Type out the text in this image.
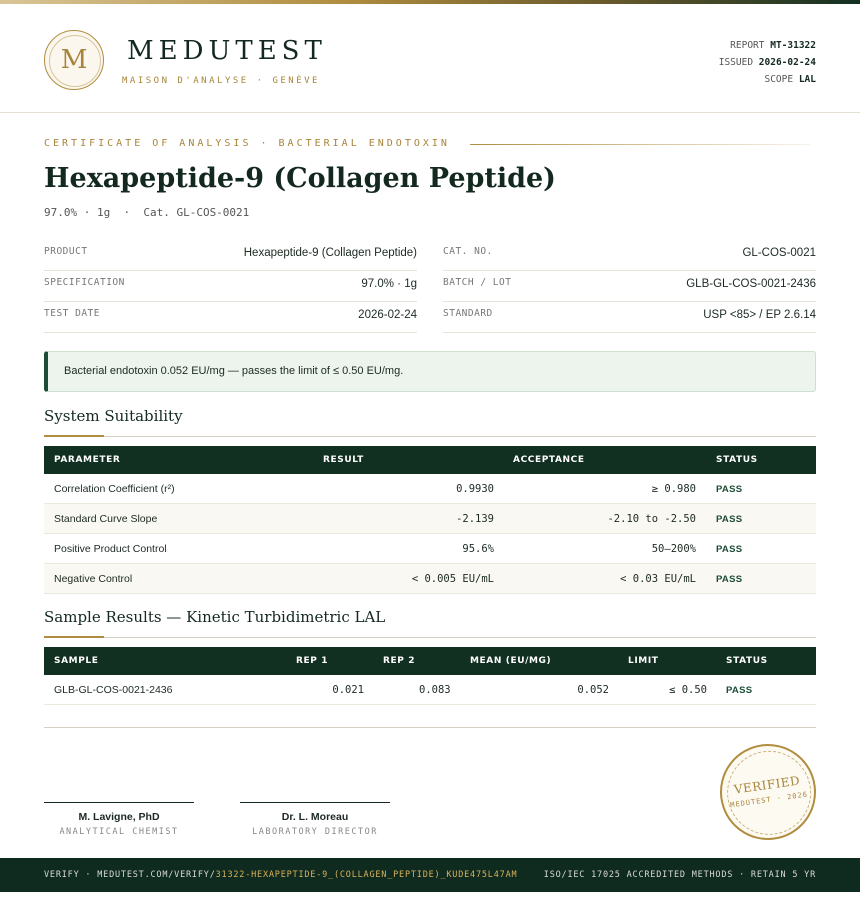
M	MEDUTEST
MAISON D'ANALYSE · GENÈVE
REPORT MT-31322
ISSUED 2026-02-24
SCOPE LAL
CERTIFICATE OF ANALYSIS · BACTERIAL ENDOTOXIN
Hexapeptide-9 (Collagen Peptide)
97.0% · 1g  ·  Cat. GL-COS-0021
PRODUCT	Hexapeptide-9 (Collagen Peptide)
SPECIFICATION	97.0% · 1g
TEST DATE	2026-02-24
CAT. NO.	GL-COS-0021
BATCH / LOT	GLB-GL-COS-0021-2436
STANDARD	USP <85> / EP 2.6.14
Bacterial endotoxin 0.052 EU/mg — passes the limit of ≤ 0.50 EU/mg.
System Suitability
PARAMETER	RESULT	ACCEPTANCE	STATUS
Correlation Coefficient (r²)	0.9930	≥ 0.980 PASS
Standard Curve Slope	-2.139	-2.10 to -2.50 PASS
Positive Product Control	95.6%	50–200% PASS
Negative Control	< 0.005 EU/mL	< 0.03 EU/mL PASS
Sample Results — Kinetic Turbidimetric LAL
SAMPLE	REP 1	REP 2	MEAN (EU/MG)	LIMIT	STATUS
GLB-GL-COS-0021-2436	0.021	0.083	0.052	≤ 0.50 PASS
M. Lavigne, PhD
ANALYTICAL CHEMIST
Dr. L. Moreau
LABORATORY DIRECTOR
VERIFIED
MEDUTEST · 2026
VERIFY · MEDUTEST.COM/VERIFY/31322-HEXAPEPTIDE-9_(COLLAGEN_PEPTIDE)_KUDE475L47AM	ISO/IEC 17025 ACCREDITED METHODS · RETAIN 5 YR
